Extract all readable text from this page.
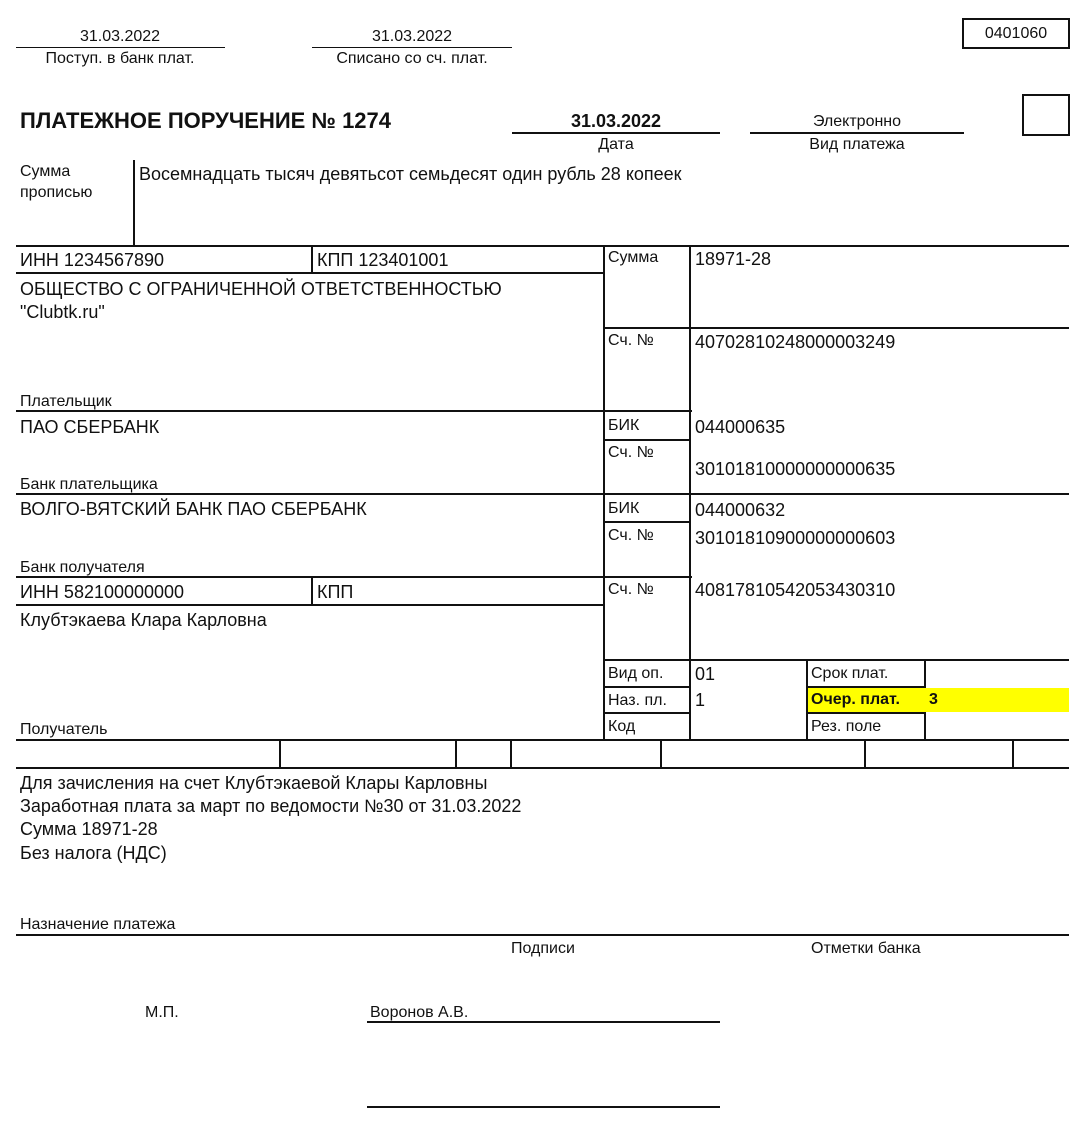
31.03.2022
Поступ. в банк плат.
31.03.2022
Списано со сч. плат.
0401060
ПЛАТЕЖНОЕ ПОРУЧЕНИЕ № 1274	31.03.2022
Дата
Электронно
Вид платежа
Сумма
прописью
Восемнадцать тысяч девятьсот семьдесят один рубль 28 копеек
ИНН 1234567890	КПП 123401001
ОБЩЕСТВО С ОГРАНИЧЕННОЙ ОТВЕТСТВЕННОСТЬЮ
"Clubtk.ru"
Плательщик
Сумма 18971-28
Сч. № 40702810248000003249
ПАО СБЕРБАНК
Банк плательщика
БИК	044000635
Сч. №
30101810000000000635
ВОЛГО-ВЯТСКИЙ БАНК ПАО СБЕРБАНК
Банк получателя
БИК	044000632
Сч. № 30101810900000000603
ИНН 582100000000	КПП
Клубтэкаева Клара Карловна
Получатель
Сч. № 40817810542053430310
Вид оп. 01
Наз. пл. 1
Код
Срок плат.
Очер. плат. 3
Рез. поле
Для зачисления на счет Клубтэкаевой Клары Карловны
Заработная плата за март по ведомости №30 от 31.03.2022
Сумма 18971-28
Без налога (НДС)
Назначение платежа
Подписи	Отметки банка
М.П.	Воронов А.В.
